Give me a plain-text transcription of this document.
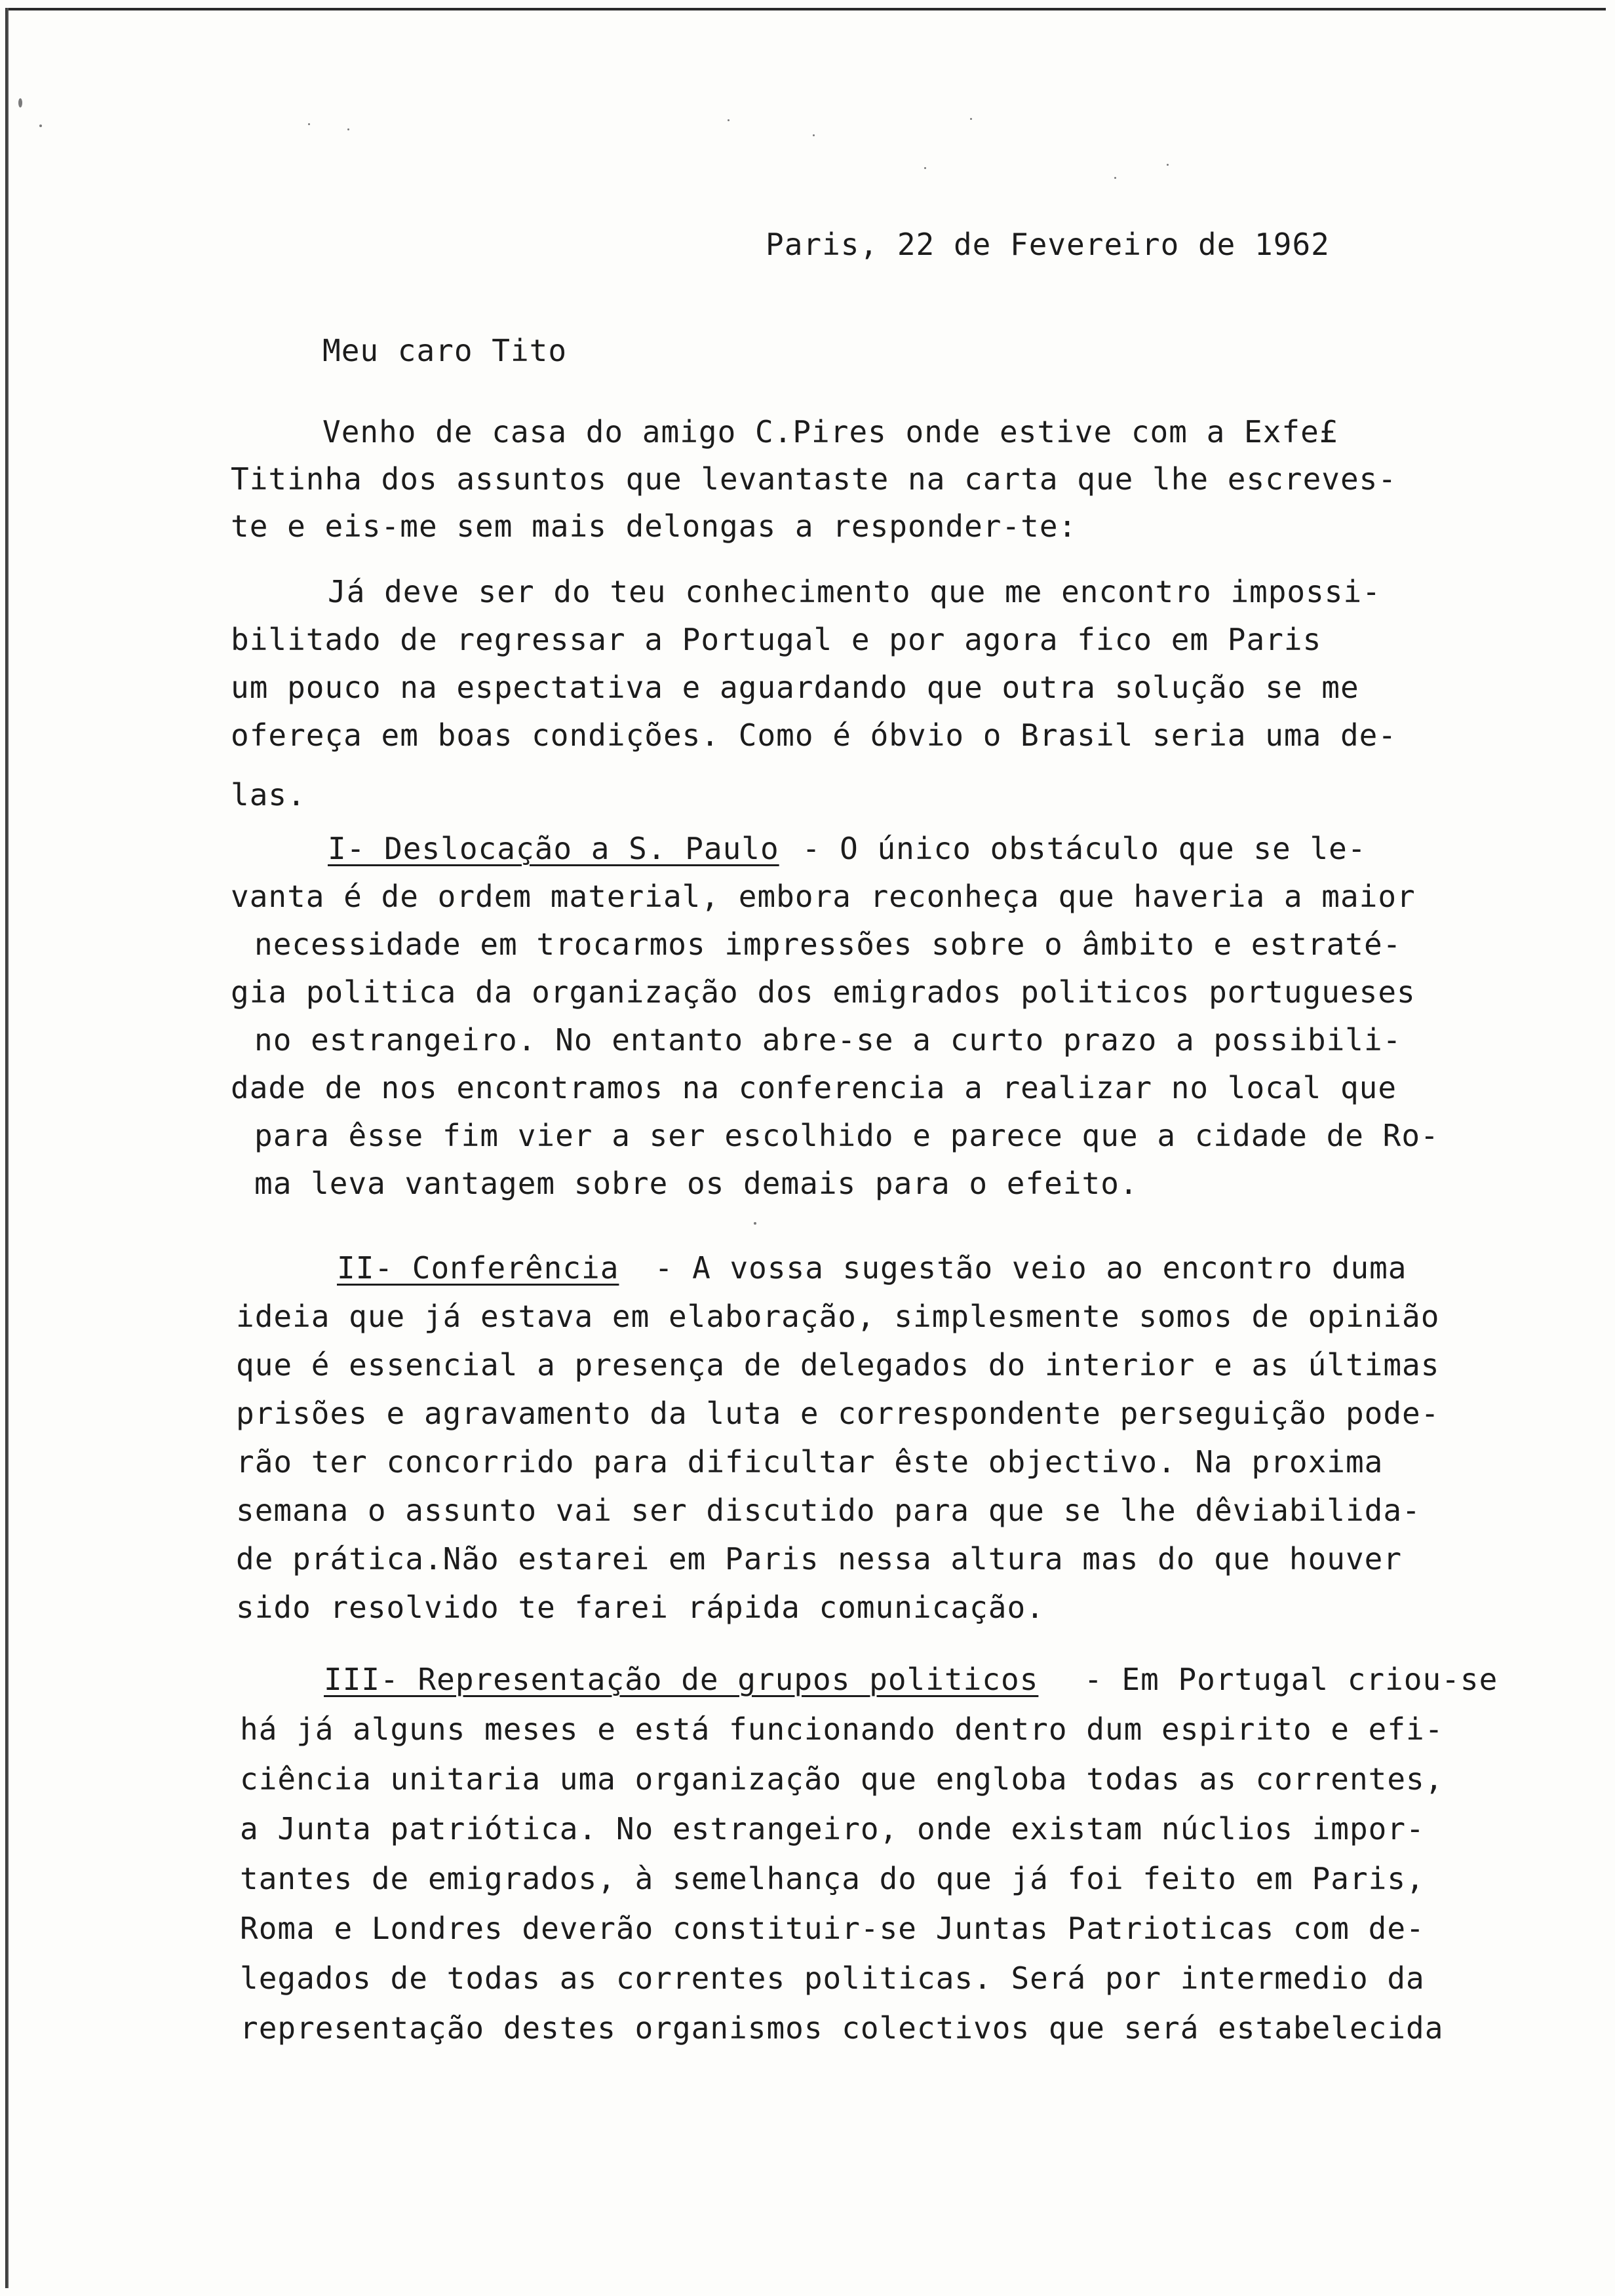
Paris, 22 de Fevereiro de 1962
Meu caro Tito
Venho de casa do amigo C.Pires onde estive com a Exfe£
Titinha dos assuntos que levantaste na carta que lhe escreves-
te e eis-me sem mais delongas a responder-te:
Já deve ser do teu conhecimento que me encontro impossi-
bilitado de regressar a Portugal e por agora fico em Paris
um pouco na espectativa e aguardando que outra solução se me
ofereça em boas condições. Como é óbvio o Brasil seria uma de-
las.
I- Deslocação a S. Paulo - O único obstáculo que se le-
vanta é de ordem material, embora reconheça que haveria a maior
necessidade em trocarmos impressões sobre o âmbito e estraté-
gia politica da organização dos emigrados politicos portugueses
no estrangeiro. No entanto abre-se a curto prazo a possibili-
dade de nos encontramos na conferencia a realizar no local que
para êsse fim vier a ser escolhido e parece que a cidade de Ro-
ma leva vantagem sobre os demais para o efeito.
II- Conferência - A vossa sugestão veio ao encontro duma
ideia que já estava em elaboração, simplesmente somos de opinião
que é essencial a presença de delegados do interior e as últimas
prisões e agravamento da luta e correspondente perseguição pode-
rão ter concorrido para dificultar êste objectivo. Na proxima
semana o assunto vai ser discutido para que se lhe dêviabilida-
de prática.Não estarei em Paris nessa altura mas do que houver
sido resolvido te farei rápida comunicação.
III- Representação de grupos politicos - Em Portugal criou-se
há já alguns meses e está funcionando dentro dum espirito e efi-
ciência unitaria uma organização que engloba todas as correntes,
a Junta patriótica. No estrangeiro, onde existam núclios impor-
tantes de emigrados, à semelhança do que já foi feito em Paris,
Roma e Londres deverão constituir-se Juntas Patrioticas com de-
legados de todas as correntes politicas. Será por intermedio da
representação destes organismos colectivos que será estabelecida
